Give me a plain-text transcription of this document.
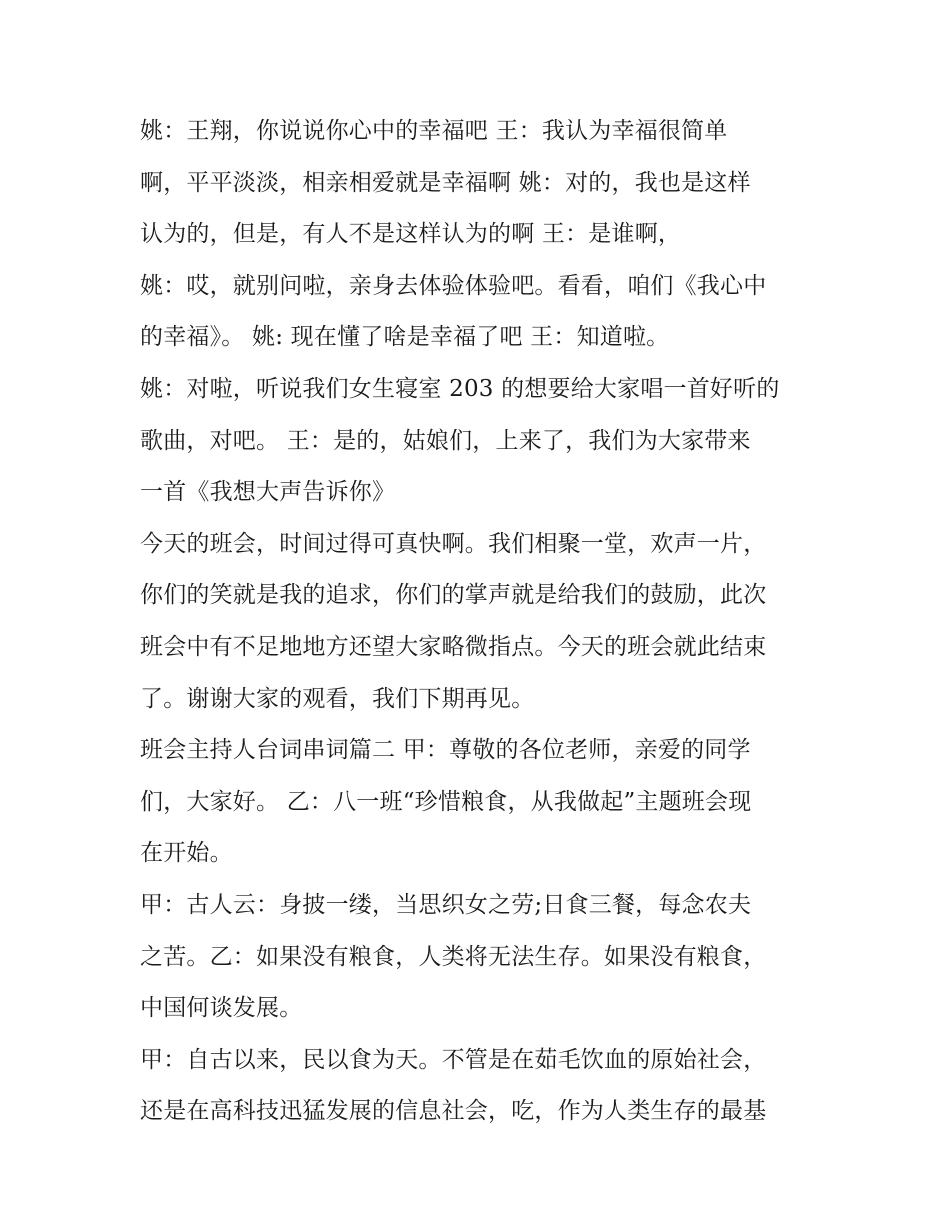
姚：王翔，你说说你心中的幸福吧 王：我认为幸福很简单
啊，平平淡淡，相亲相爱就是幸福啊 姚：对的，我也是这样
认为的，但是，有人不是这样认为的啊 王：是谁啊，
姚：哎，就别问啦，亲身去体验体验吧。看看，咱们《我心中
的幸福》。 姚: 现在懂了啥是幸福了吧 王：知道啦。
姚：对啦，听说我们女生寝室 203 的想要给大家唱一首好听的
歌曲，对吧。 王：是的，姑娘们，上来了，我们为大家带来
一首《我想大声告诉你》
今天的班会，时间过得可真快啊。我们相聚一堂，欢声一片，
你们的笑就是我的追求，你们的掌声就是给我们的鼓励，此次
班会中有不足地地方还望大家略微指点。今天的班会就此结束
了。谢谢大家的观看，我们下期再见。
班会主持人台词串词篇二 甲：尊敬的各位老师，亲爱的同学
们，大家好。 乙：八一班“珍惜粮食，从我做起”主题班会现
在开始。
甲：古人云：身披一缕，当思织女之劳;日食三餐，每念农夫
之苦。乙：如果没有粮食，人类将无法生存。如果没有粮食，
中国何谈发展。
甲：自古以来，民以食为天。不管是在茹毛饮血的原始社会，
还是在高科技迅猛发展的信息社会，吃，作为人类生存的最基
